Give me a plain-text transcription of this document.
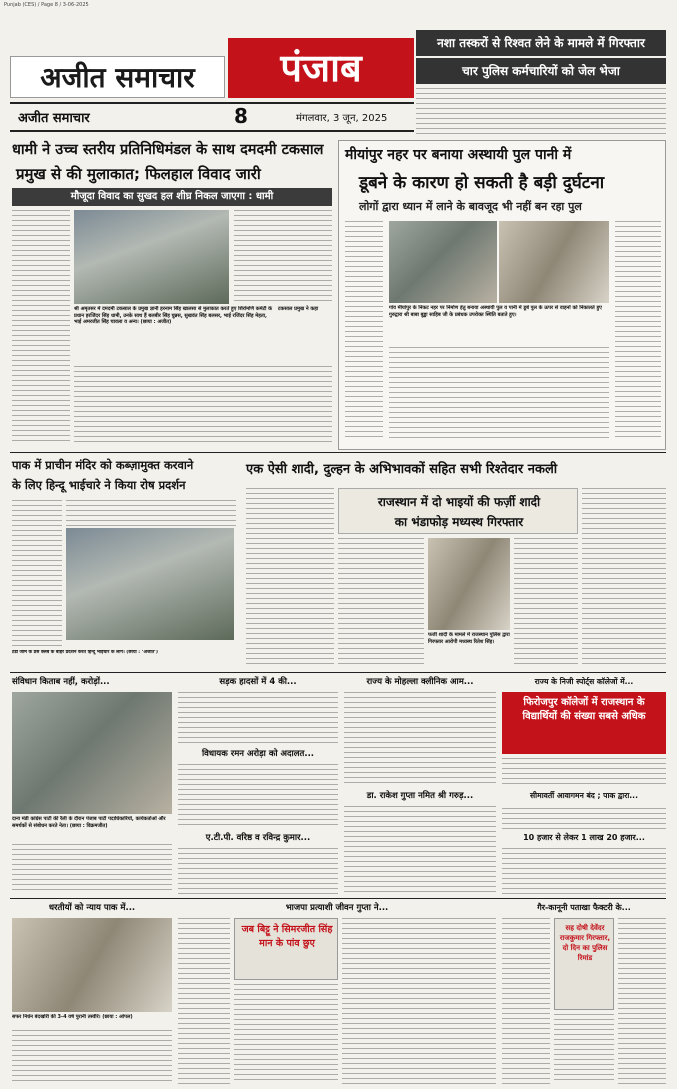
Punjab (CES) / Page 8 / 3-06-2025
अजीत समाचार	पंजाब
अजीत समाचार	8	मंगलवार, 3 जून, 2025
नशा तस्करों से रिश्वत लेने के मामले में गिरफ्तार
चार पुलिस कर्मचारियों को जेल भेजा
धामी ने उच्च स्तरीय प्रतिनिधिमंडल के साथ दमदमी टकसाल
प्रमुख से की मुलाकात; फिलहाल विवाद जारी
मौजूदा विवाद का सुखद हल शीघ्र निकल जाएगा : धामी
श्री अमृतसर में दमदमी टकसाल के प्रमुख ज्ञानी हरनाम सिंह खालसा से मुलाकात करते हुए शिरोमणि कमेटी के प्रधान हरजिंदर सिंह धामी, उनके साथ हैं बलबीर सिंह घुन्नस, सुखवंत सिंह बलसर, भाई रजिंदर सिंह मेहता, भाई अमरजीत सिंह चावला व अन्य। (छाया : अजीत)
टकसाल प्रमुख ने कहा
मीयांपुर नहर पर बनाया अस्थायी पुल पानी में
डूबने के कारण हो सकती है बड़ी दुर्घटना
लोगों द्वारा ध्यान में लाने के बावजूद भी नहीं बन रहा पुल
गांव मीयांपुर के निकट नहर पर निर्माण हेतु बनाया अस्थायी पुल व पानी में डूबे पुल के ऊपर से वाहनों को निकालते हुए गुरुद्वारा श्री बाबा बुड्ढा साहिब जी के प्रबंधक उपरोक्त स्थिति बताते हुए।
पाक में प्राचीन मंदिर को कब्ज़ामुक्त करवाने
के लिए हिन्दू भाईचारे ने किया रोष प्रदर्शन
टंडो जाम के प्रेस क्लब के बाहर प्रदर्शन करते हिन्दू भाईचारे के लोग। (छाया : ‘अजीत’)
एक ऐसी शादी, दुल्हन के अभिभावकों सहित सभी रिश्तेदार नकली
राजस्थान में दो भाइयों की फर्ज़ी शादी
का भंडाफोड़ मध्यस्थ गिरफ्तार
फर्जी शादी के मामले में राजस्थान पुलिस द्वारा गिरफ्तार आरोपी मध्यस्थ रितेश सिंह।
संविधान किताब नहीं, करोड़ों...
दाना मंडी कांग्रेस पार्टी की रैली के दौरान पंजाब पार्टी पदाधिकारियों, कार्यकर्ताओं और समर्थकों से संबोधन करते नेता। (छाया : विक्रमजीत)
सड़क हादसों में 4 की...
विधायक रमन अरोड़ा को अदालत...
ए.टी.पी. वरिष्ठ व रविन्द्र कुमार...
राज्य के मोहल्ला क्लीनिक आम...
डा. राकेश गुप्ता नमित श्री गरुड़...
राज्य के निजी स्पोर्ट्स कॉलेजों में...
फिरोजपुर कॉलेजों में राजस्थान के विद्यार्थियों की संख्या सबसे अधिक
सीमावर्ती आवागमन बंद ; पाक द्वारा...
10 हजार से लेकर 1 लाख 20 हजार...
धरतीयों को न्याय पाक में...
सफर निर्धन बंदखोरी की 3-4 वर्ष पुरानी तस्वीरें। (छाया : ओपल)
भाजपा प्रत्याशी जीवन गुप्ता ने...
जब बिट्टू ने सिमरजीत सिंह मान के पांव छुए
गैर-कानूनी पताखा फैक्टरी के...
सह दोषी देवेंदर राजकुमार गिरफ्तार, दो दिन का पुलिस रिमांड
